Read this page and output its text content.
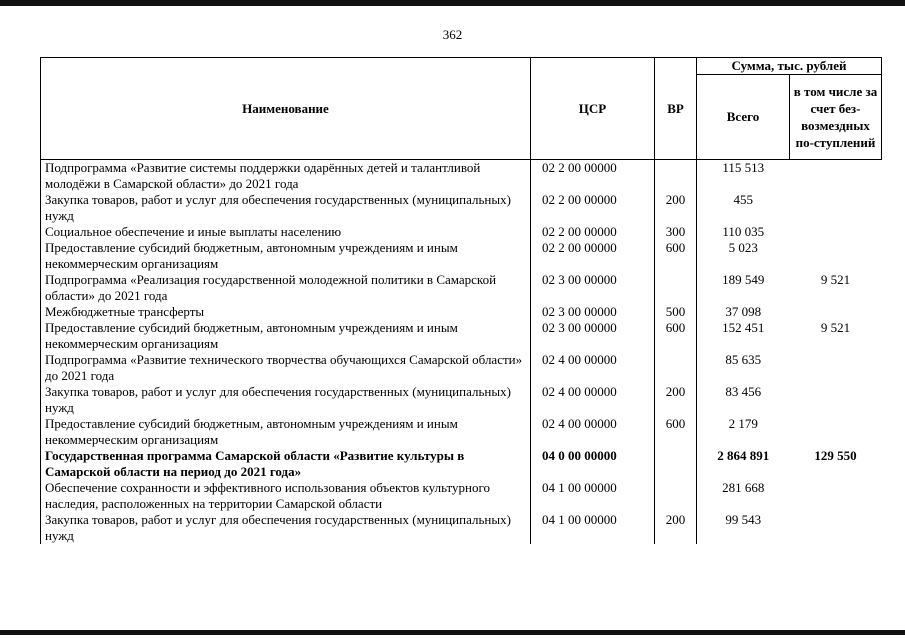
362
Наименование	ЦСР	ВР	Сумма, тыс. рублей	
			Всего	в том числе за счет без-возмездных по-ступлений
Подпрограмма «Развитие системы поддержки одарённых детей и талантливой молодёжи в Самарской области» до 2021 года	02 2 00 00000		115 513	
Закупка товаров, работ и услуг для обеспечения государственных (муниципальных) нужд	02 2 00 00000	200	455	
Социальное обеспечение и иные выплаты населению	02 2 00 00000	300	110 035	
Предоставление субсидий бюджетным, автономным учреждениям и иным некоммерческим организациям	02 2 00 00000	600	5 023	
Подпрограмма «Реализация государственной молодежной политики в Самарской области» до 2021 года	02 3 00 00000		189 549	9 521
Межбюджетные трансферты	02 3 00 00000	500	37 098	
Предоставление субсидий бюджетным, автономным учреждениям и иным некоммерческим организациям	02 3 00 00000	600	152 451	9 521
Подпрограмма «Развитие технического творчества обучающихся Самарской области» до 2021 года	02 4 00 00000		85 635	
Закупка товаров, работ и услуг для обеспечения государственных (муниципальных) нужд	02 4 00 00000	200	83 456	
Предоставление субсидий бюджетным, автономным учреждениям и иным некоммерческим организациям	02 4 00 00000	600	2 179	
Государственная программа Самарской области «Развитие культуры в Самарской области на период до 2021 года»	04 0 00 00000		2 864 891	129 550
Обеспечение сохранности и эффективного использования объектов культурного наследия, расположенных на территории Самарской области	04 1 00 00000		281 668	
Закупка товаров, работ и услуг для обеспечения государственных (муниципальных) нужд	04 1 00 00000	200	99 543	
